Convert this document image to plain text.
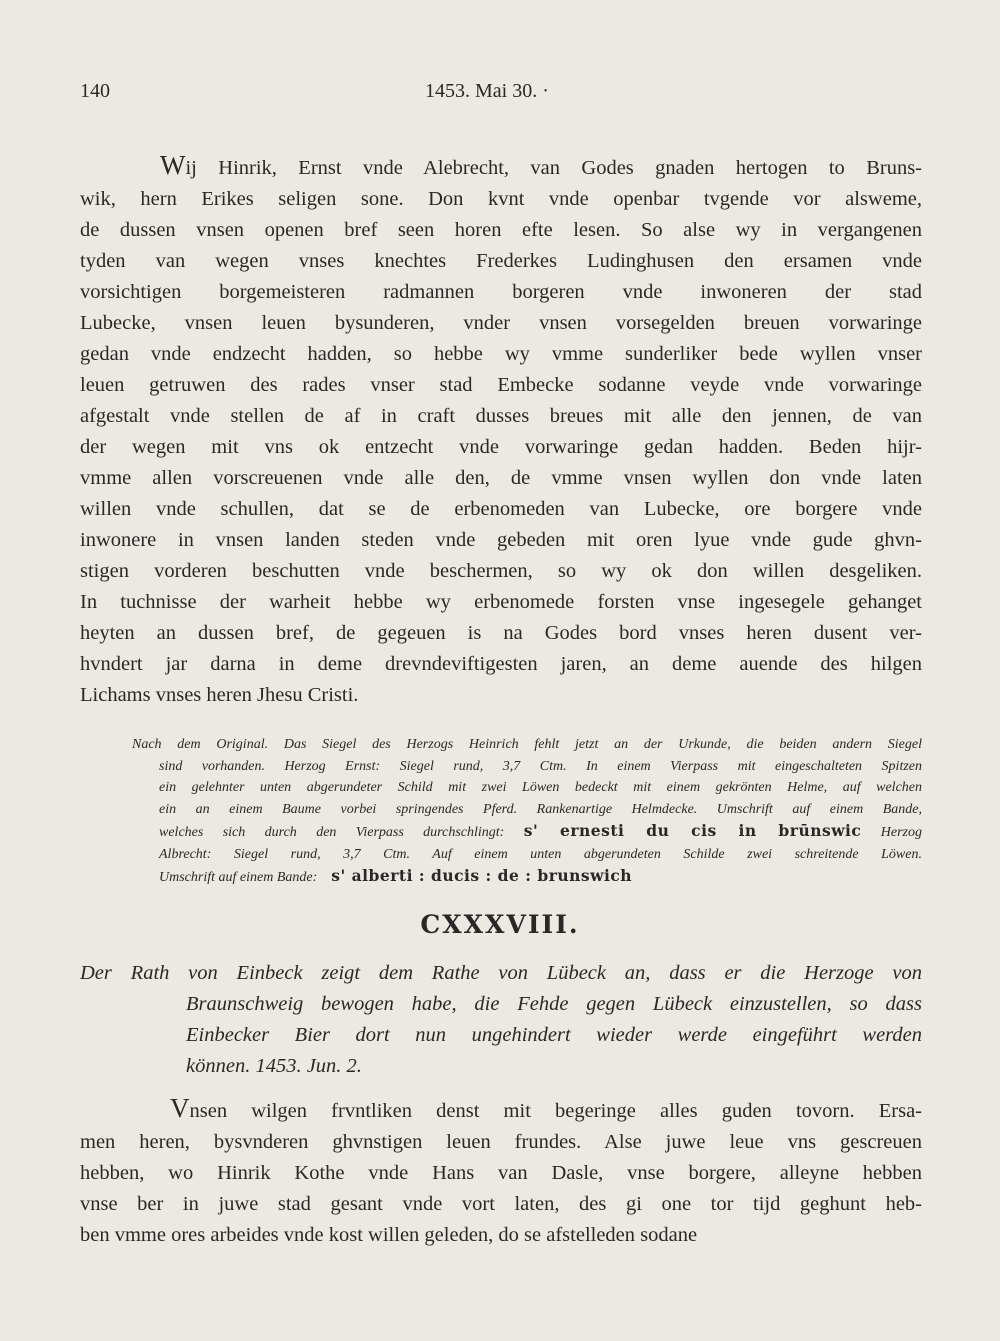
140	1453. Mai 30. ·
Wij Hinrik, Ernst vnde Alebrecht, van Godes gnaden hertogen to Bruns-
wik, hern Erikes seligen sone. Don kvnt vnde openbar tvgende vor alsweme,
de dussen vnsen openen bref seen horen efte lesen. So alse wy in vergangenen
tyden van wegen vnses knechtes Frederkes Ludinghusen den ersamen vnde
vorsichtigen borgemeisteren radmannen borgeren vnde inwoneren der stad
Lubecke, vnsen leuen bysunderen, vnder vnsen vorsegelden breuen vorwaringe
gedan vnde endzecht hadden, so hebbe wy vmme sunderliker bede wyllen vnser
leuen getruwen des rades vnser stad Embecke sodanne veyde vnde vorwaringe
afgestalt vnde stellen de af in craft dusses breues mit alle den jennen, de van
der wegen mit vns ok entzecht vnde vorwaringe gedan hadden. Beden hijr-
vmme allen vorscreuenen vnde alle den, de vmme vnsen wyllen don vnde laten
willen vnde schullen, dat se de erbenomeden van Lubecke, ore borgere vnde
inwonere in vnsen landen steden vnde gebeden mit oren lyue vnde gude ghvn-
stigen vorderen beschutten vnde beschermen, so wy ok don willen desgeliken.
In tuchnisse der warheit hebbe wy erbenomede forsten vnse ingesegele gehanget
heyten an dussen bref, de gegeuen is na Godes bord vnses heren dusent ver-
hvndert jar darna in deme drevndeviftigesten jaren, an deme auende des hilgen
Lichams vnses heren Jhesu Cristi.
Nach dem Original. Das Siegel des Herzogs Heinrich fehlt jetzt an der Urkunde, die beiden andern Siegel
sind vorhanden. Herzog Ernst: Siegel rund, 3,7 Ctm. In einem Vierpass mit eingeschalteten Spitzen
ein gelehnter unten abgerundeter Schild mit zwei Löwen bedeckt mit einem gekrönten Helme, auf welchen
ein an einem Baume vorbei springendes Pferd. Rankenartige Helmdecke. Umschrift auf einem Bande,
welches sich durch den Vierpass durchschlingt: s' ernesti du cis in brūnswic Herzog
Albrecht: Siegel rund, 3,7 Ctm. Auf einem unten abgerundeten Schilde zwei schreitende Löwen.
Umschrift auf einem Bande: s' alberti : ducis : de : brunswich
CXXXVIII.
Der Rath von Einbeck zeigt dem Rathe von Lübeck an, dass er die Herzoge von
Braunschweig bewogen habe, die Fehde gegen Lübeck einzustellen, so dass
Einbecker Bier dort nun ungehindert wieder werde eingeführt werden
können. 1453. Jun. 2.
Vnsen wilgen frvntliken denst mit begeringe alles guden tovorn. Ersa-
men heren, bysvnderen ghvnstigen leuen frundes. Alse juwe leue vns gescreuen
hebben, wo Hinrik Kothe vnde Hans van Dasle, vnse borgere, alleyne hebben
vnse ber in juwe stad gesant vnde vort laten, des gi one tor tijd geghunt heb-
ben vmme ores arbeides vnde kost willen geleden, do se afstelleden sodane
